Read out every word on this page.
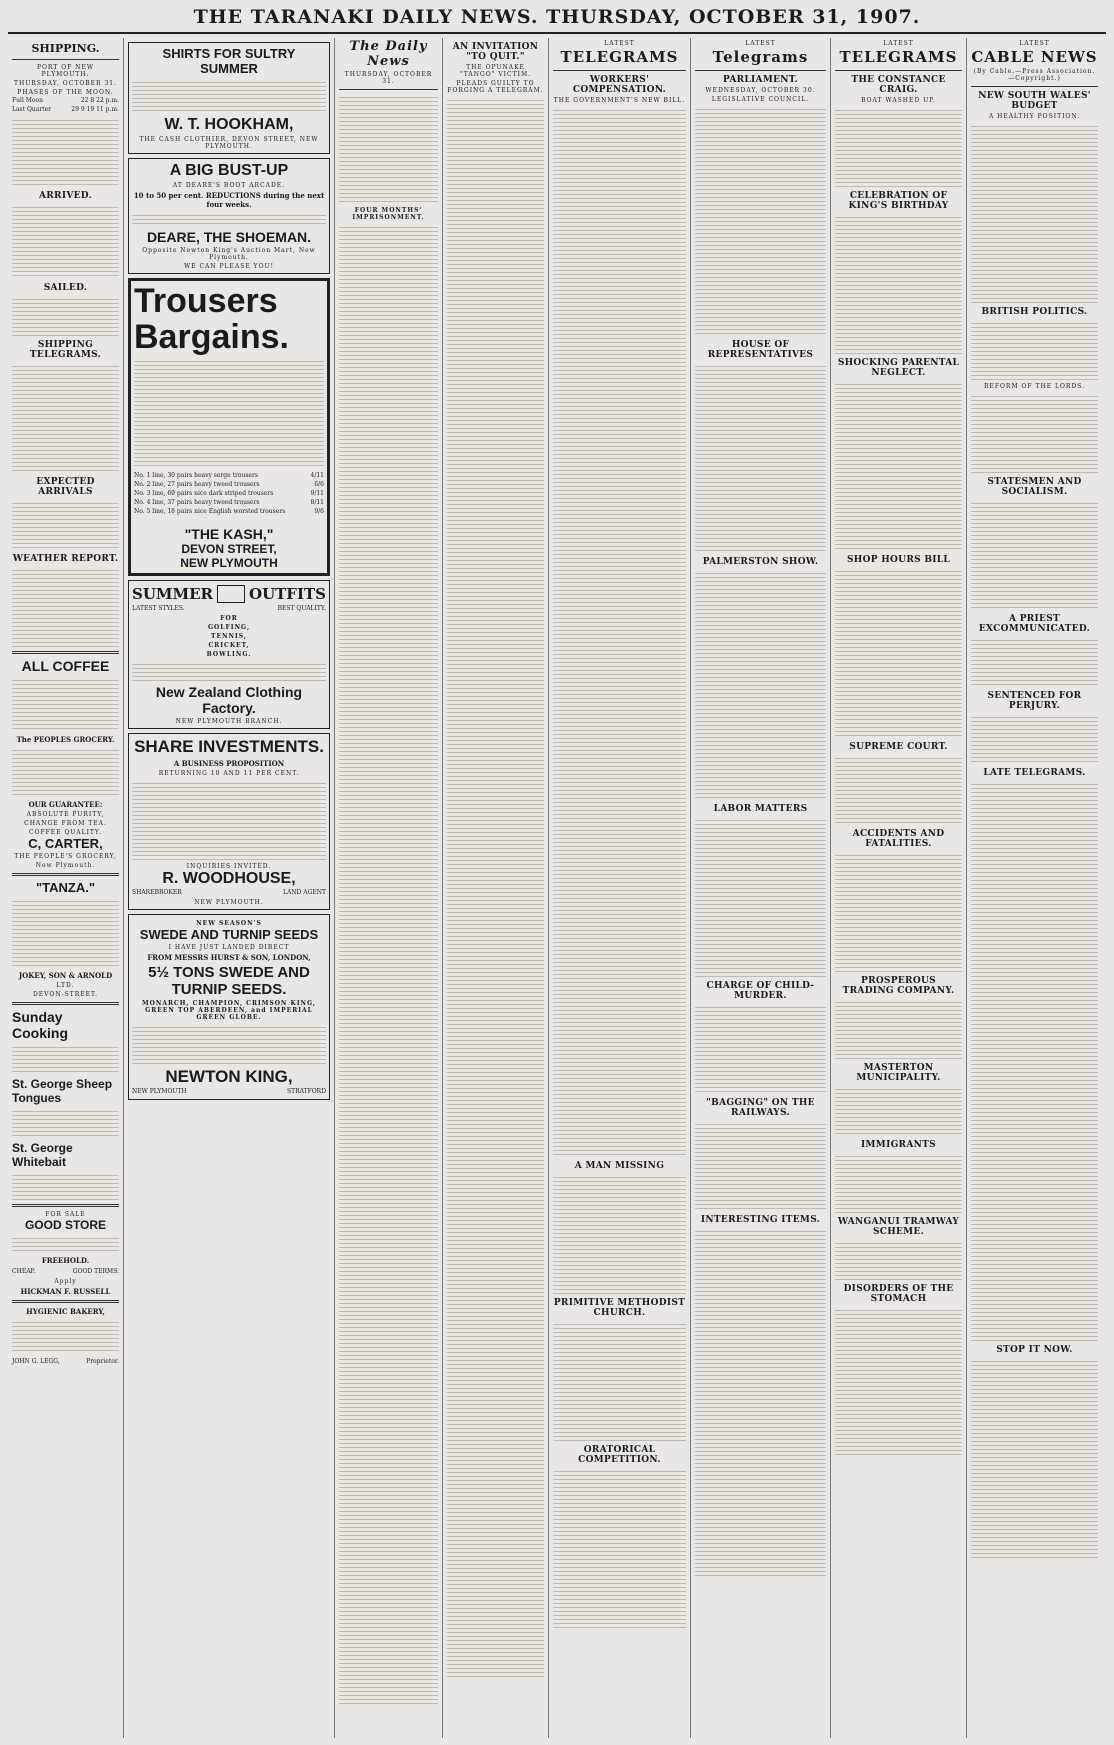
THE TARANAKI DAILY NEWS. THURSDAY, OCTOBER 31, 1907.
SHIPPING.
PORT OF NEW PLYMOUTH.
THURSDAY, OCTOBER 31.
PHASES OF THE MOON.
Full Moon	22 8 22 p.m.
Last Quarter	29 9 19 11 p.m.
ARRIVED.
SAILED.
SHIPPING TELEGRAMS.
EXPECTED ARRIVALS
WEATHER REPORT.
ALL COFFEE
The PEOPLES GROCERY.
OUR GUARANTEE:
ABSOLUTE PURITY,
CHANGE FROM TEA.
COFFEE QUALITY.
C, CARTER,
THE PEOPLE'S GROCERY,
New Plymouth.
"TANZA."
JOKEY, SON & ARNOLD
LTD.
DEVON-STREET.
Sunday Cooking
St. George Sheep Tongues
St. George Whitebait
FOR SALE
GOOD STORE
FREEHOLD.
CHEAP.	GOOD TERMS.
Apply
HICKMAN F. RUSSELL
HYGIENIC BAKERY,
JOHN G. LEGG,	Proprietor.
SHIRTS FOR SULTRY SUMMER
W. T. HOOKHAM,
THE CASH CLOTHIER, DEVON STREET, NEW PLYMOUTH.
A BIG BUST-UP
AT DEARE'S BOOT ARCADE.
10 to 50 per cent. REDUCTIONS during the next four weeks.
DEARE, THE SHOEMAN.
Opposite Newton King's Auction Mart, New Plymouth.
WE CAN PLEASE YOU!
Trousers
Bargains.
No. 1 line, 30 pairs heavy serge trousers	4/11
No. 2 line, 27 pairs heavy tweed trousers	6/6
No. 3 line, 69 pairs nice dark striped trousers	9/11
No. 4 line, 37 pairs heavy tweed trousers	8/11
No. 5 line, 18 pairs nice English worsted trousers	9/6
"THE KASH,"
DEVON STREET,
NEW PLYMOUTH
SUMMER OUTFITS
LATEST STYLES.	BEST QUALITY.
FOR
GOLFING,
TENNIS,
CRICKET,
BOWLING.
New Zealand Clothing Factory.
NEW PLYMOUTH BRANCH.
SHARE INVESTMENTS.
A BUSINESS PROPOSITION
RETURNING 10 AND 11 PER CENT.
INQUIRIES INVITED.
R. WOODHOUSE,
SHAREBROKER	LAND AGENT
NEW PLYMOUTH.
NEW SEASON'S
SWEDE AND TURNIP SEEDS
I HAVE JUST LANDED DIRECT
FROM MESSRS HURST & SON, LONDON,
5½ TONS SWEDE AND TURNIP SEEDS.
MONARCH, CHAMPION, CRIMSON KING, GREEN TOP ABERDEEN, and IMPERIAL GREEN GLOBE.
NEWTON KING,
NEW PLYMOUTH	STRATFORD
The Daily News
THURSDAY, OCTOBER 31.
FOUR MONTHS' IMPRISONMENT.
AN INVITATION "TO QUIT."
THE OPUNAKE "TANGO" VICTIM.
PLEADS GUILTY TO FORGING A TELEGRAM.
LATEST
TELEGRAMS
WORKERS' COMPENSATION.
THE GOVERNMENT'S NEW BILL.
A MAN MISSING
PRIMITIVE METHODIST CHURCH.
ORATORICAL COMPETITION.
LATEST
Telegrams
PARLIAMENT.
WEDNESDAY, OCTOBER 30.
LEGISLATIVE COUNCIL.
HOUSE OF REPRESENTATIVES
PALMERSTON SHOW.
LABOR MATTERS
CHARGE OF CHILD-MURDER.
"BAGGING" ON THE RAILWAYS.
INTERESTING ITEMS.
LATEST
TELEGRAMS
THE CONSTANCE CRAIG.
BOAT WASHED UP.
CELEBRATION OF KING'S BIRTHDAY
SHOCKING PARENTAL NEGLECT.
SHOP HOURS BILL
SUPREME COURT.
ACCIDENTS AND FATALITIES.
PROSPEROUS TRADING COMPANY.
MASTERTON MUNICIPALITY.
IMMIGRANTS
WANGANUI TRAMWAY SCHEME.
DISORDERS OF THE STOMACH
LATEST
CABLE NEWS
(By Cable.—Press Association.—Copyright.)
NEW SOUTH WALES' BUDGET
A HEALTHY POSITION.
BRITISH POLITICS.
REFORM OF THE LORDS.
STATESMEN AND SOCIALISM.
A PRIEST EXCOMMUNICATED.
SENTENCED FOR PERJURY.
LATE TELEGRAMS.
STOP IT NOW.
